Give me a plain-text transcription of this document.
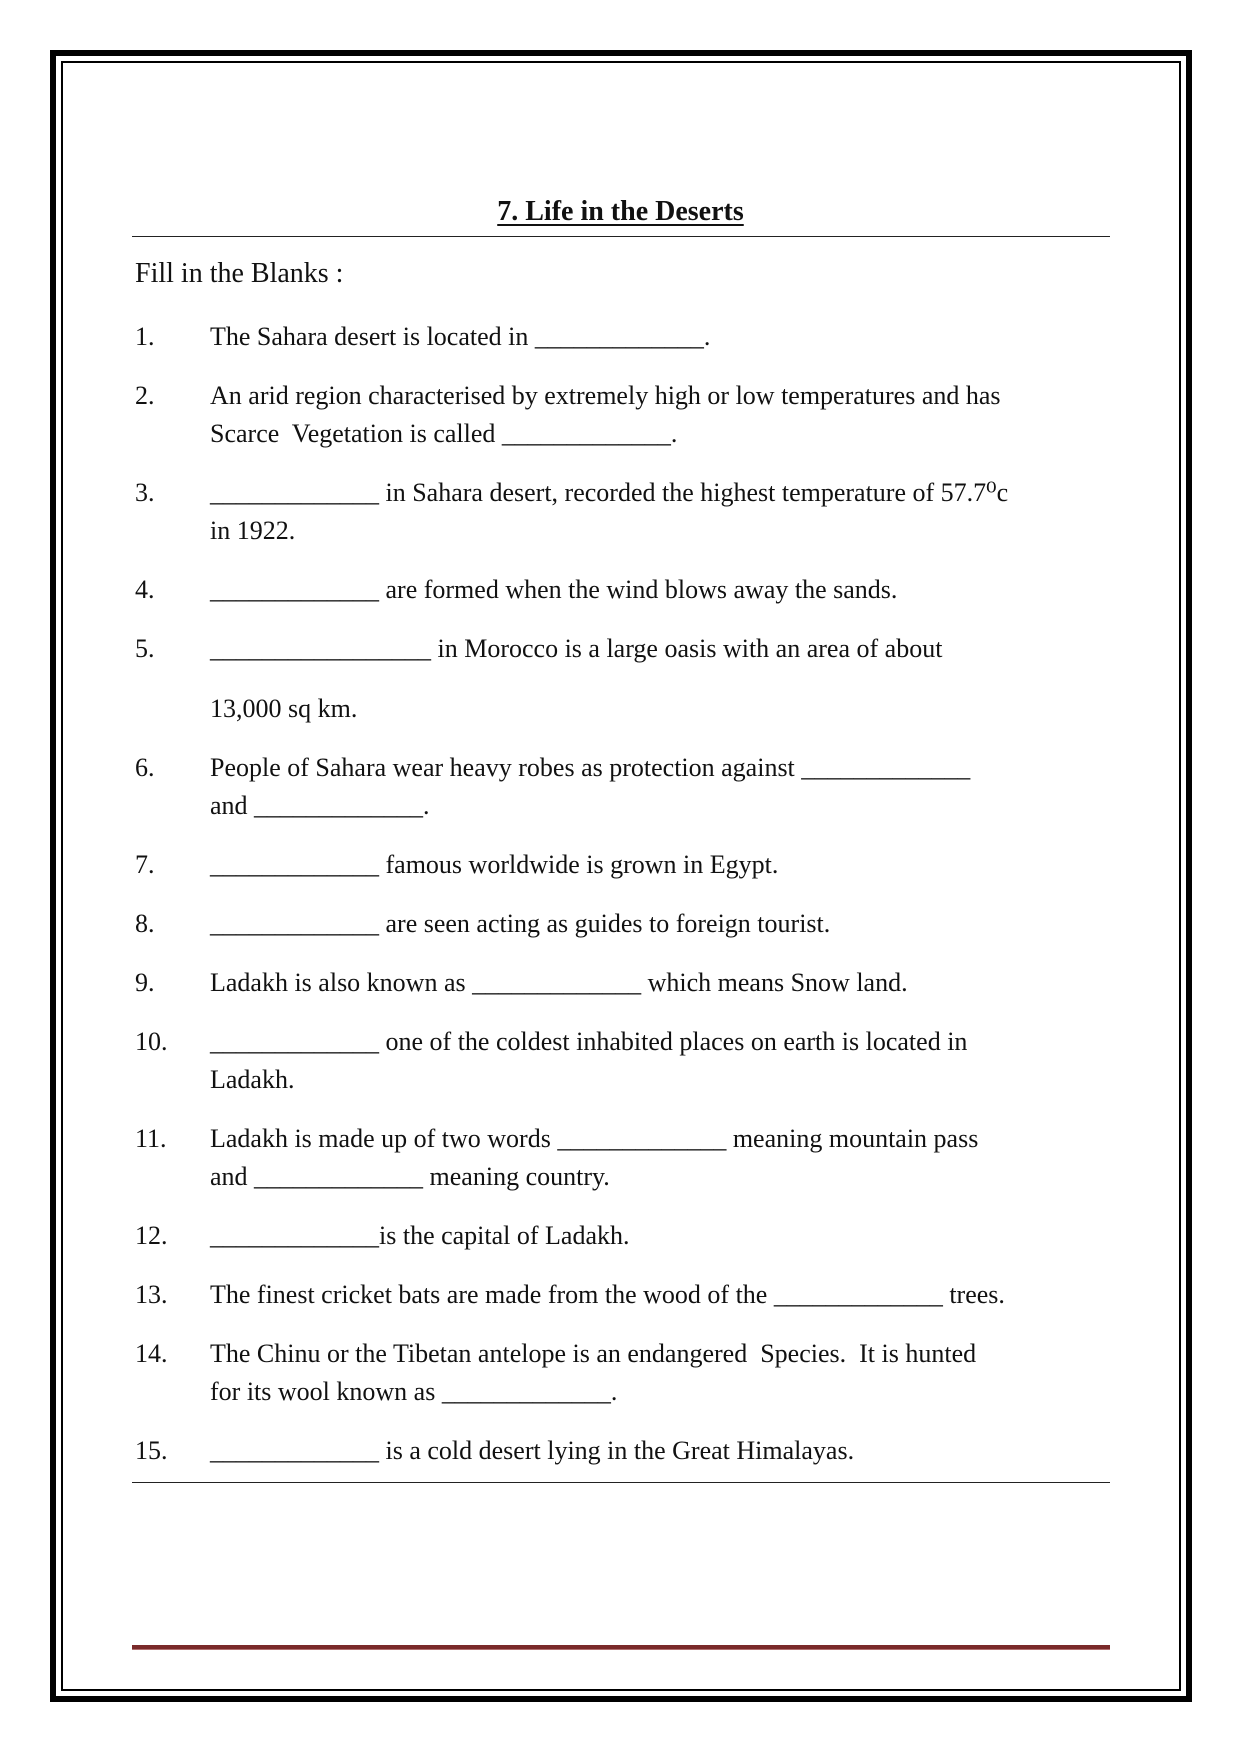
7. Life in the Deserts
Fill in the Blanks :
1.	The Sahara desert is located in _____________.
2.	An arid region characterised by extremely high or low temperatures and has
Scarce  Vegetation is called _____________.
3.	_____________ in Sahara desert, recorded the highest temperature of 57.7⁰c
in 1922.
4.	_____________ are formed when the wind blows away the sands.
5.	_________________ in Morocco is a large oasis with an area of about
13,000 sq km.
6.	People of Sahara wear heavy robes as protection against _____________
and _____________.
7.	_____________ famous worldwide is grown in Egypt.
8.	_____________ are seen acting as guides to foreign tourist.
9.	Ladakh is also known as _____________ which means Snow land.
10.	_____________ one of the coldest inhabited places on earth is located in
Ladakh.
11.	Ladakh is made up of two words _____________ meaning mountain pass
and _____________ meaning country.
12.	_____________is the capital of Ladakh.
13.	The finest cricket bats are made from the wood of the _____________ trees.
14.	The Chinu or the Tibetan antelope is an endangered  Species.  It is hunted
for its wool known as _____________.
15.	_____________ is a cold desert lying in the Great Himalayas.
